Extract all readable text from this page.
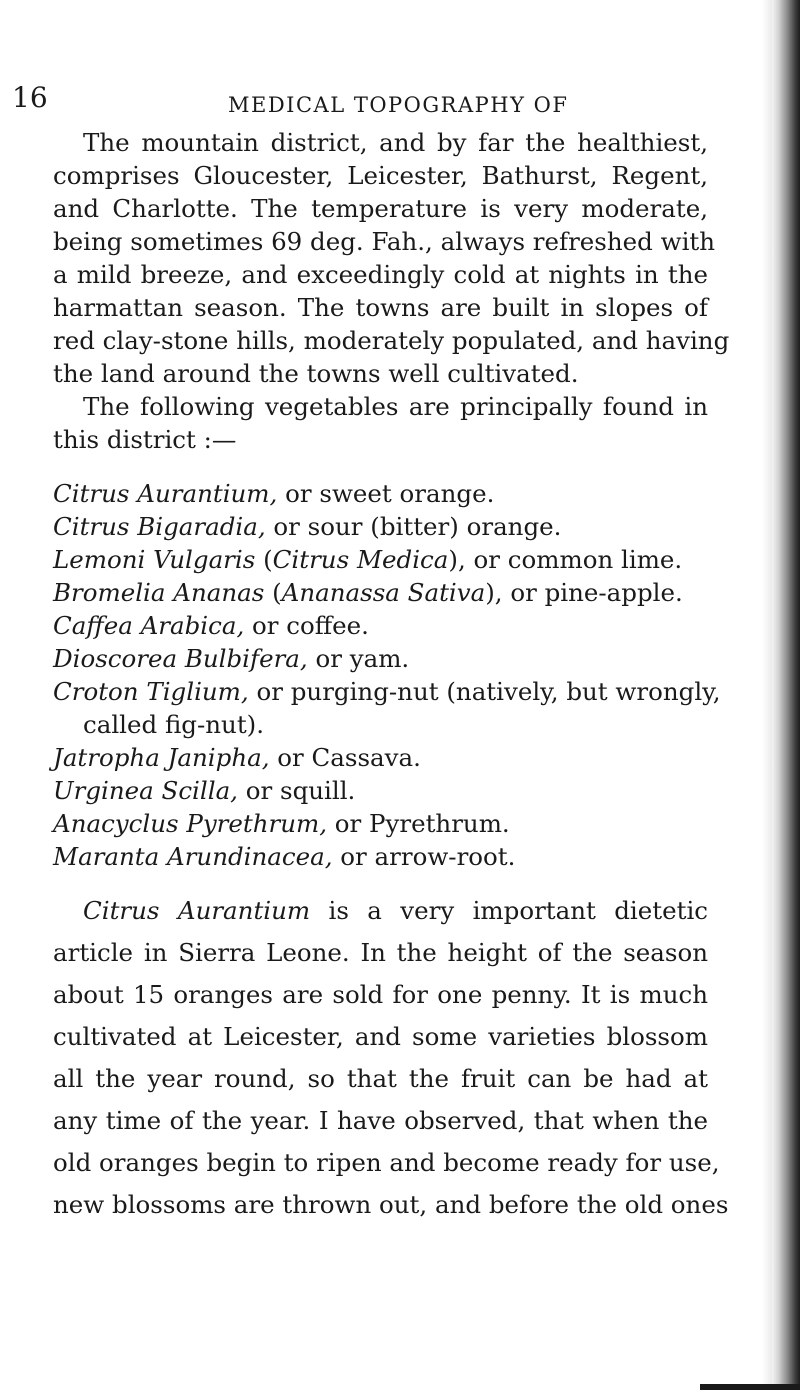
16	MEDICAL TOPOGRAPHY OF
The mountain district, and by far the healthiest,
comprises Gloucester, Leicester, Bathurst, Regent,
and Charlotte. The temperature is very moderate,
being sometimes 69 deg. Fah., always refreshed with
a mild breeze, and exceedingly cold at nights in the
harmattan season. The towns are built in slopes of
red clay-stone hills, moderately populated, and having
the land around the towns well cultivated.
The following vegetables are principally found in
this district :—
Citrus Aurantium, or sweet orange.
Citrus Bigaradia, or sour (bitter) orange.
Lemoni Vulgaris (Citrus Medica), or common lime.
Bromelia Ananas (Ananassa Sativa), or pine-apple.
Caffea Arabica, or coffee.
Dioscorea Bulbifera, or yam.
Croton Tiglium, or purging-nut (natively, but wrongly,
called fig-nut).
Jatropha Janipha, or Cassava.
Urginea Scilla, or squill.
Anacyclus Pyrethrum, or Pyrethrum.
Maranta Arundinacea, or arrow-root.
Citrus Aurantium is a very important dietetic
article in Sierra Leone. In the height of the season
about 15 oranges are sold for one penny. It is much
cultivated at Leicester, and some varieties blossom
all the year round, so that the fruit can be had at
any time of the year. I have observed, that when the
old oranges begin to ripen and become ready for use,
new blossoms are thrown out, and before the old ones
